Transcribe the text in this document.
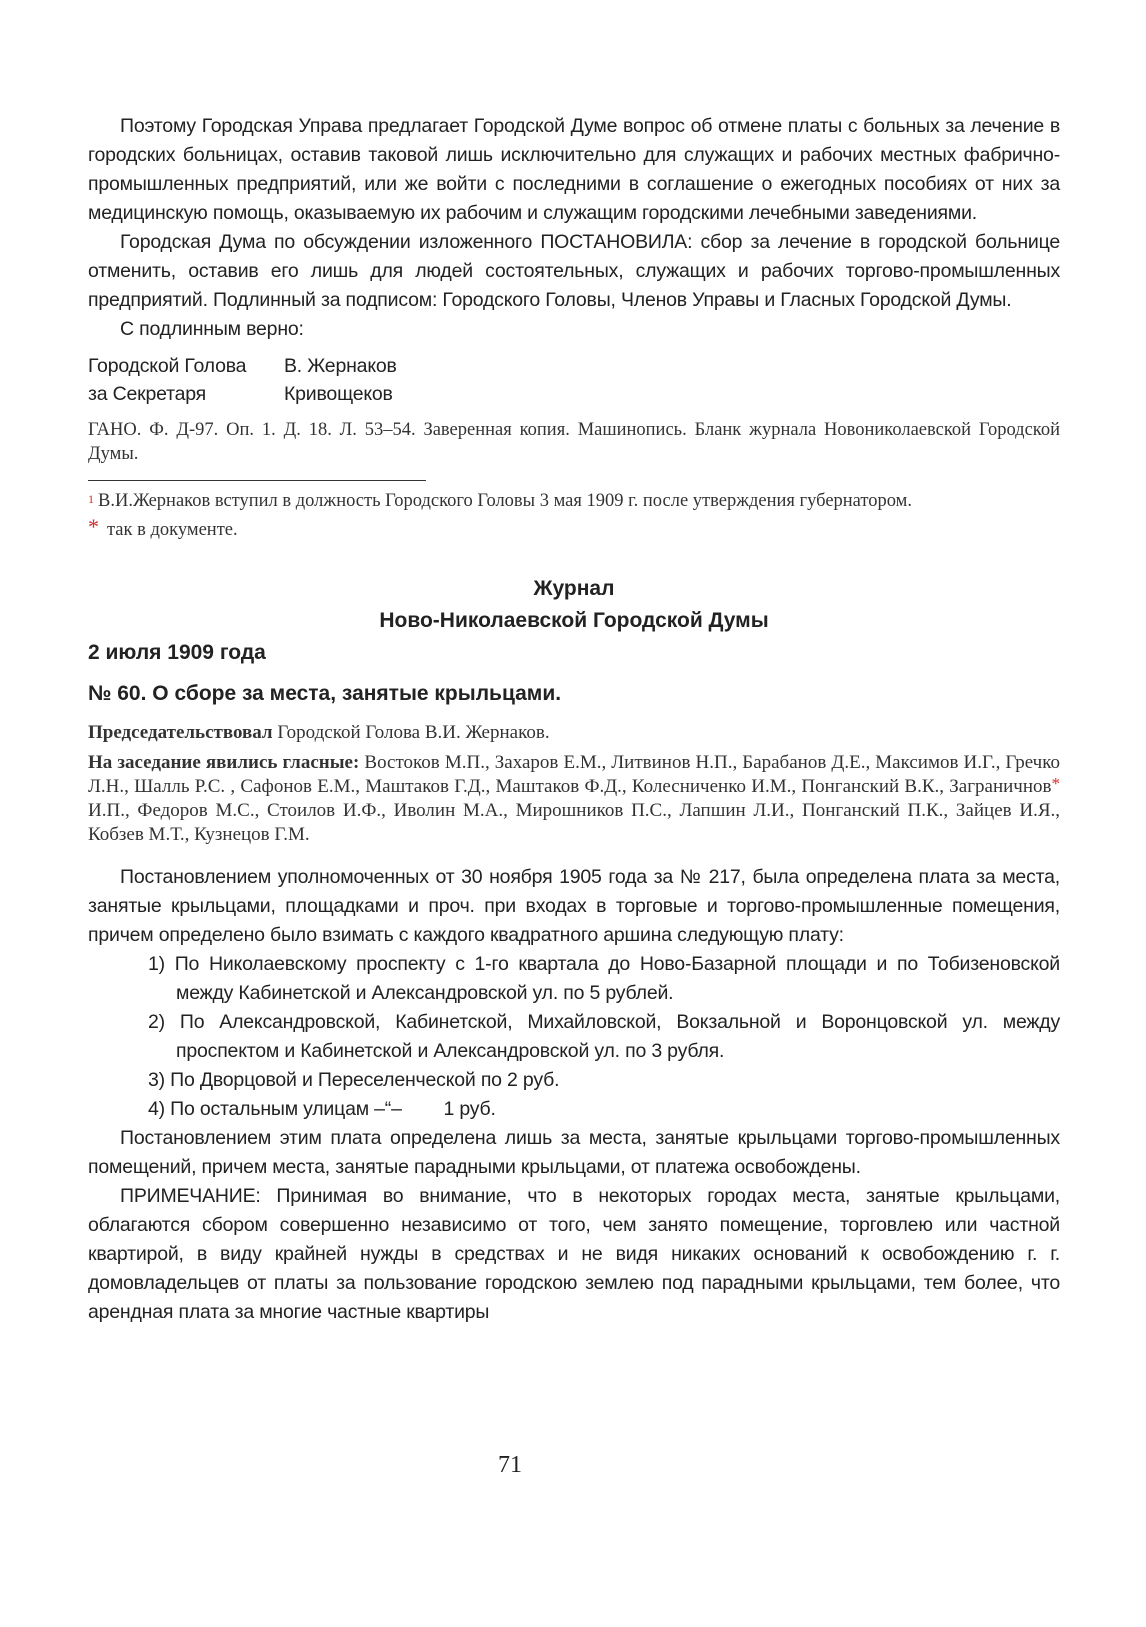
Поэтому Городская Управа предлагает Городской Думе вопрос об отмене платы с больных за лечение в городских больницах, оставив таковой лишь исключительно для служащих и рабочих местных фабрично-промышленных предприятий, или же войти с последними в соглашение о ежегодных пособиях от них за медицинскую помощь, оказываемую их рабочим и служащим городскими лечебными заведениями.

Городская Дума по обсуждении изложенного ПОСТАНОВИЛА: сбор за лечение в городской больнице отменить, оставив его лишь для людей состоятельных, служащих и рабочих торгово-промышленных предприятий. Подлинный за подписом: Городского Головы, Членов Управы и Гласных Городской Думы.

С подлинным верно:

Городской Голова	В. Жернаков
за Секретаря	Кривощеков

ГАНО. Ф. Д-97. Оп. 1. Д. 18. Л. 53–54. Заверенная копия. Машинопись. Бланк журнала Новониколаевской Городской Думы.

$^1$ В.И.Жернаков вступил в должность Городского Головы 3 мая 1909 г. после утверждения губернатором.

* так в документе.

Журнал
Ново-Николаевской Городской Думы
2 июля 1909 года
№ 60. О сборе за места, занятые крыльцами.

Председательствовал Городской Голова В.И. Жернаков.

На заседание явились гласные: Востоков М.П., Захаров Е.М., Литвинов Н.П., Барабанов Д.Е., Максимов И.Г., Гречко Л.Н., Шалль Р.С. , Сафонов Е.М., Маштаков Г.Д., Маштаков Ф.Д., Колесниченко И.М., Понганский В.К., Заграничнов* И.П., Федоров М.С., Стоилов И.Ф., Иволин М.А., Мирошников П.С., Лапшин Л.И., Понганский П.К., Зайцев И.Я., Кобзев М.Т., Кузнецов Г.М.

Постановлением уполномоченных от 30 ноября 1905 года за № 217, была определена плата за места, занятые крыльцами, площадками и проч. при входах в торговые и торгово-промышленные помещения, причем определено было взимать с каждого квадратного аршина следующую плату:

1) По Николаевскому проспекту с 1-го квартала до Ново-Базарной площади и по Тобизеновской между Кабинетской и Александровской ул. по 5 рублей.

2) По Александровской, Кабинетской, Михайловской, Вокзальной и Воронцовской ул. между проспектом и Кабинетской и Александровской ул. по 3 рубля.

3) По Дворцовой и Переселенческой по 2 руб.

4) По остальным улицам –“–        1 руб.

Постановлением этим плата определена лишь за места, занятые крыльцами торгово-промышленных помещений, причем места, занятые парадными крыльцами, от платежа освобождены.

ПРИМЕЧАНИЕ: Принимая во внимание, что в некоторых городах места, занятые крыльцами, облагаются сбором совершенно независимо от того, чем занято помещение, торговлею или частной квартирой, в виду крайней нужды в средствах и не видя никаких оснований к освобождению г. г. домовладельцев от платы за пользование городскою землею под парадными крыльцами, тем более, что арендная плата за многие частные квартиры

71
